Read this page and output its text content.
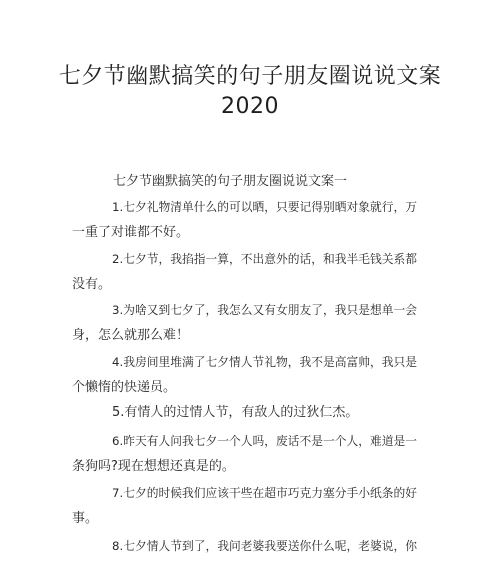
七夕节幽默搞笑的句子朋友圈说说文案
2020
七夕节幽默搞笑的句子朋友圈说说文案一
1.七夕礼物清单什么的可以晒，只要记得别晒对象就行，万
一重了对谁都不好。
2.七夕节，我掐指一算，不出意外的话，和我半毛钱关系都
没有。
3.为啥又到七夕了，我怎么又有女朋友了，我只是想单一会
身，怎么就那么难！
4.我房间里堆满了七夕情人节礼物，我不是高富帅，我只是
个懒惰的快递员。
5.有情人的过情人节，有敌人的过狄仁杰。
6.昨天有人问我七夕一个人吗，废话不是一个人，难道是一
条狗吗?现在想想还真是的。
7.七夕的时候我们应该干些在超市巧克力塞分手小纸条的好
事。
8.七夕情人节到了，我问老婆我要送你什么呢，老婆说，你
